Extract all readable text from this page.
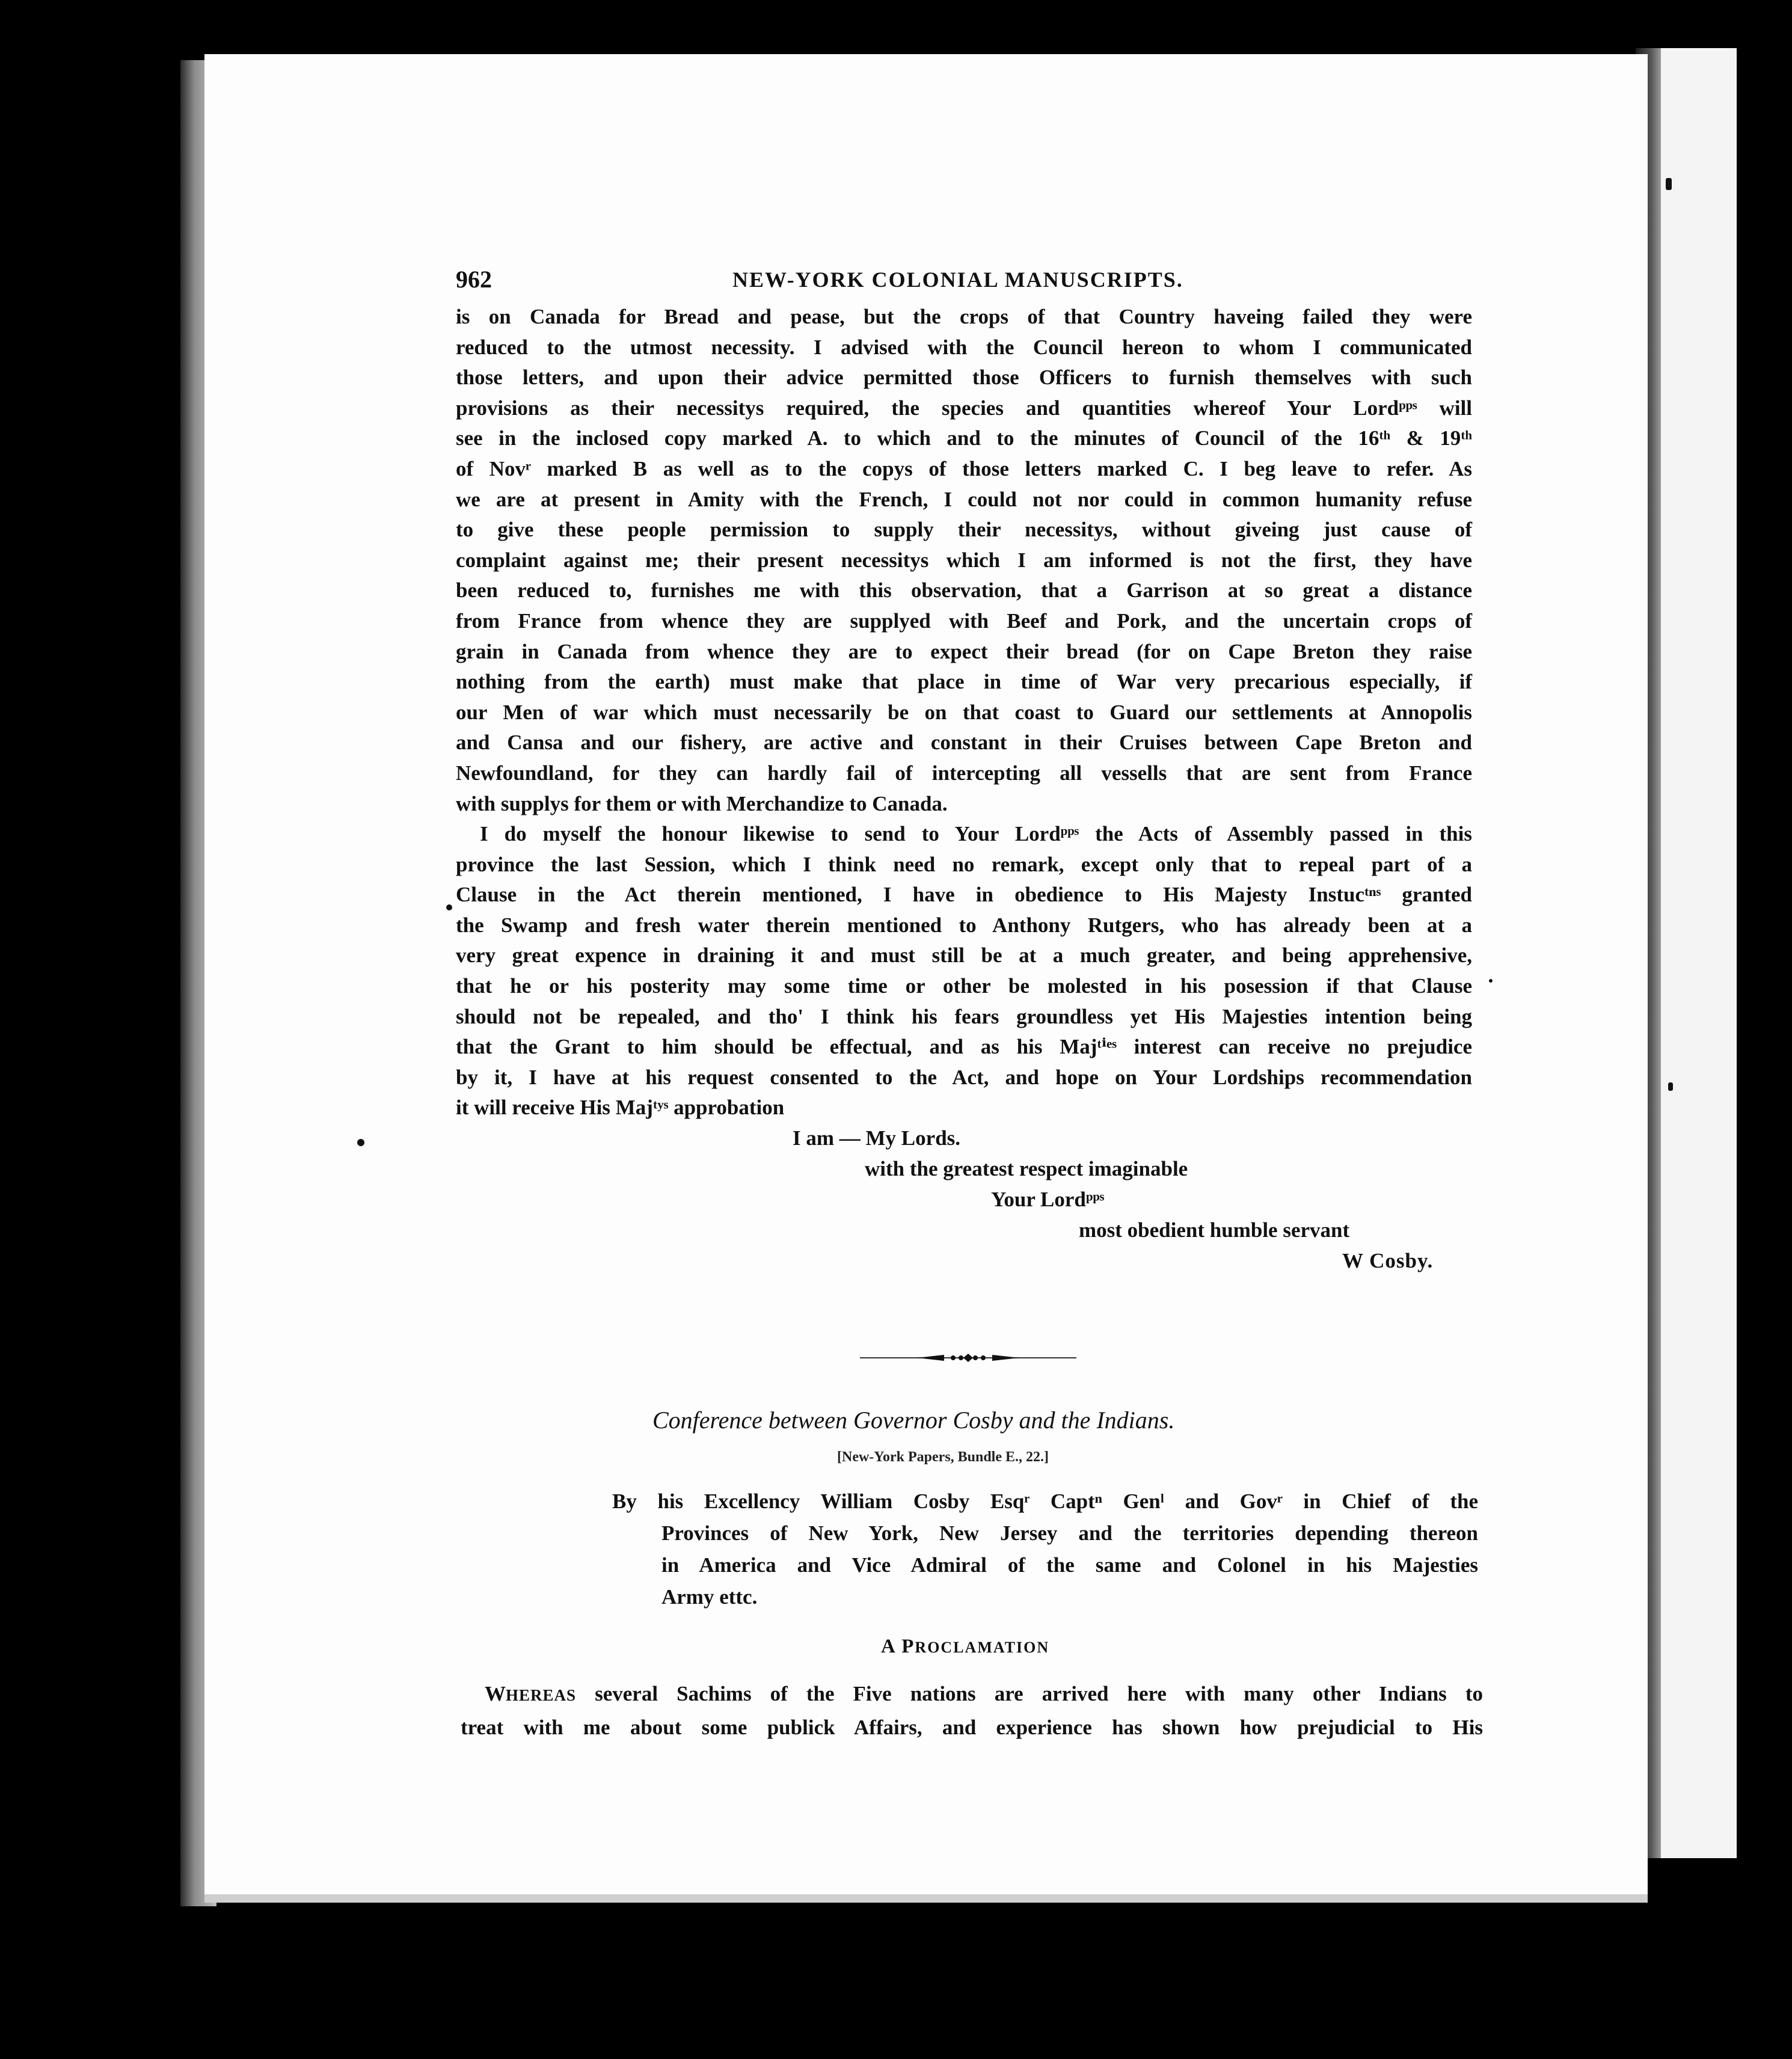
962	NEW-YORK COLONIAL MANUSCRIPTS.
is on Canada for Bread and pease, but the crops of that Country haveing failed they were
reduced to the utmost necessity. I advised with the Council hereon to whom I communicated
those letters, and upon their advice permitted those Officers to furnish themselves with such
provisions as their necessitys required, the species and quantities whereof Your Lordᵖᵖˢ will
see in the inclosed copy marked A. to which and to the minutes of Council of the 16ᵗʰ & 19ᵗʰ
of Novʳ marked B as well as to the copys of those letters marked C. I beg leave to refer. As
we are at present in Amity with the French, I could not nor could in common humanity refuse
to give these people permission to supply their necessitys, without giveing just cause of
complaint against me; their present necessitys which I am informed is not the first, they have
been reduced to, furnishes me with this observation, that a Garrison at so great a distance
from France from whence they are supplyed with Beef and Pork, and the uncertain crops of
grain in Canada from whence they are to expect their bread (for on Cape Breton they raise
nothing from the earth) must make that place in time of War very precarious especially, if
our Men of war which must necessarily be on that coast to Guard our settlements at Annopolis
and Cansa and our fishery, are active and constant in their Cruises between Cape Breton and
Newfoundland, for they can hardly fail of intercepting all vessells that are sent from France
with supplys for them or with Merchandize to Canada.
I do myself the honour likewise to send to Your Lordᵖᵖˢ the Acts of Assembly passed in this
province the last Session, which I think need no remark, except only that to repeal part of a
Clause in the Act therein mentioned, I have in obedience to His Majesty Instucᵗⁿˢ granted
the Swamp and fresh water therein mentioned to Anthony Rutgers, who has already been at a
very great expence in draining it and must still be at a much greater, and being apprehensive,
that he or his posterity may some time or other be molested in his posession if that Clause
should not be repealed, and tho' I think his fears groundless yet His Majesties intention being
that the Grant to him should be effectual, and as his Majᵗⁱᵉˢ interest can receive no prejudice
by it, I have at his request consented to the Act, and hope on Your Lordships recommendation
it will receive His Majᵗʸˢ approbation
I am — My Lords.
with the greatest respect imaginable
Your Lordᵖᵖˢ
most obedient humble servant
W Cosby.
Conference between Governor Cosby and the Indians.
[New-York Papers, Bundle E., 22.]
By his Excellency William Cosby Esqʳ Captⁿ Genˡ and Govʳ in Chief of the
Provinces of New York, New Jersey and the territories depending thereon
in America and Vice Admiral of the same and Colonel in his Majesties
Army ettc.
A PROCLAMATION
WHEREAS several Sachims of the Five nations are arrived here with many other Indians to
treat with me about some publick Affairs, and experience has shown how prejudicial to His
